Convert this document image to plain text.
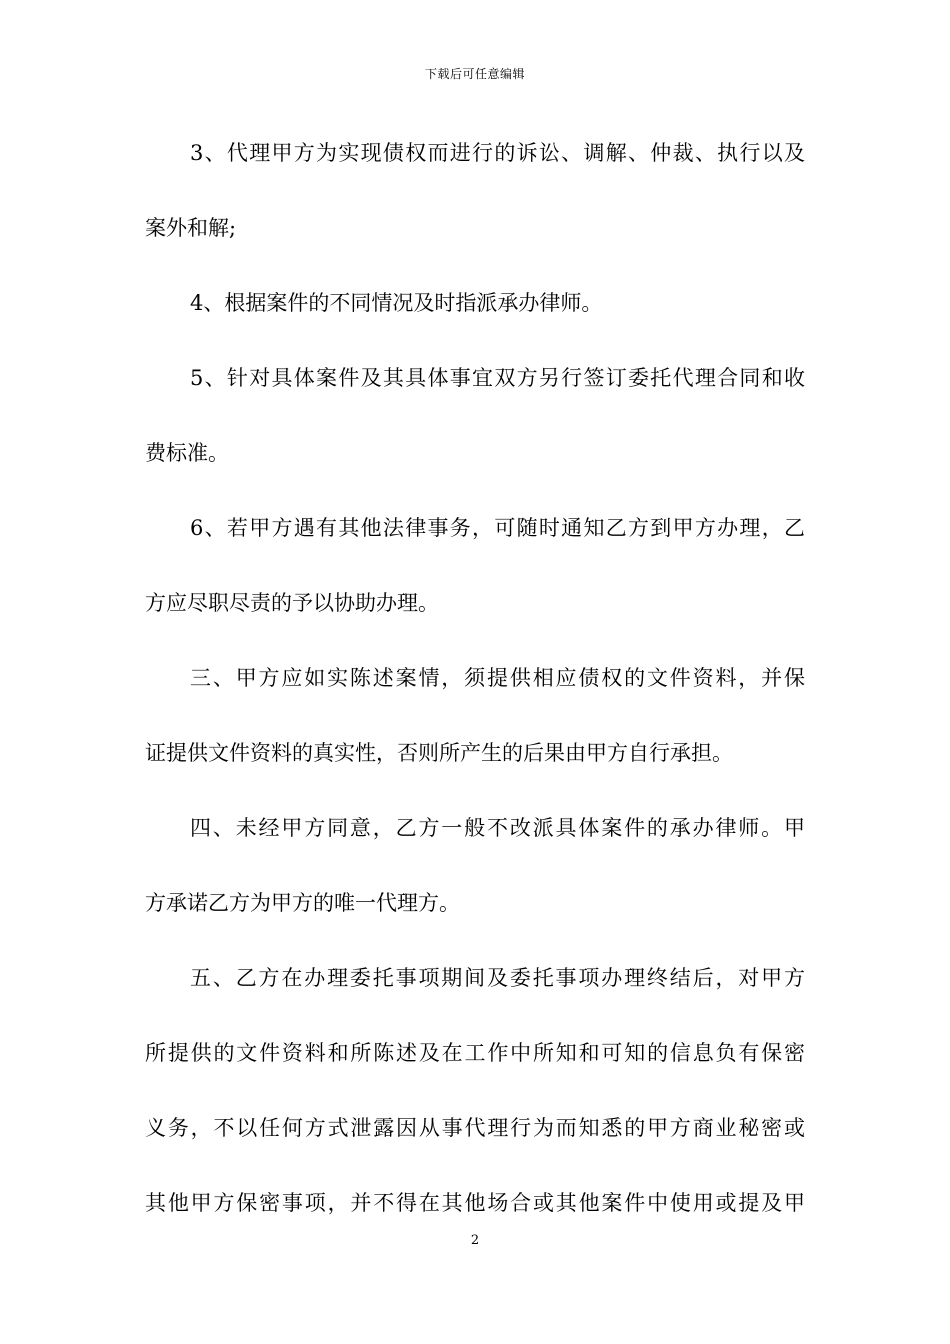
下载后可任意编辑
3、代理甲方为实现债权而进行的诉讼、调解、仲裁、执行以及
案外和解;
4、根据案件的不同情况及时指派承办律师。
5、针对具体案件及其具体事宜双方另行签订委托代理合同和收
费标准。
6、若甲方遇有其他法律事务，可随时通知乙方到甲方办理，乙
方应尽职尽责的予以协助办理。
三、甲方应如实陈述案情，须提供相应债权的文件资料，并保
证提供文件资料的真实性，否则所产生的后果由甲方自行承担。
四、未经甲方同意，乙方一般不改派具体案件的承办律师。甲
方承诺乙方为甲方的唯一代理方。
五、乙方在办理委托事项期间及委托事项办理终结后，对甲方
所提供的文件资料和所陈述及在工作中所知和可知的信息负有保密
义务，不以任何方式泄露因从事代理行为而知悉的甲方商业秘密或
其他甲方保密事项，并不得在其他场合或其他案件中使用或提及甲
2
